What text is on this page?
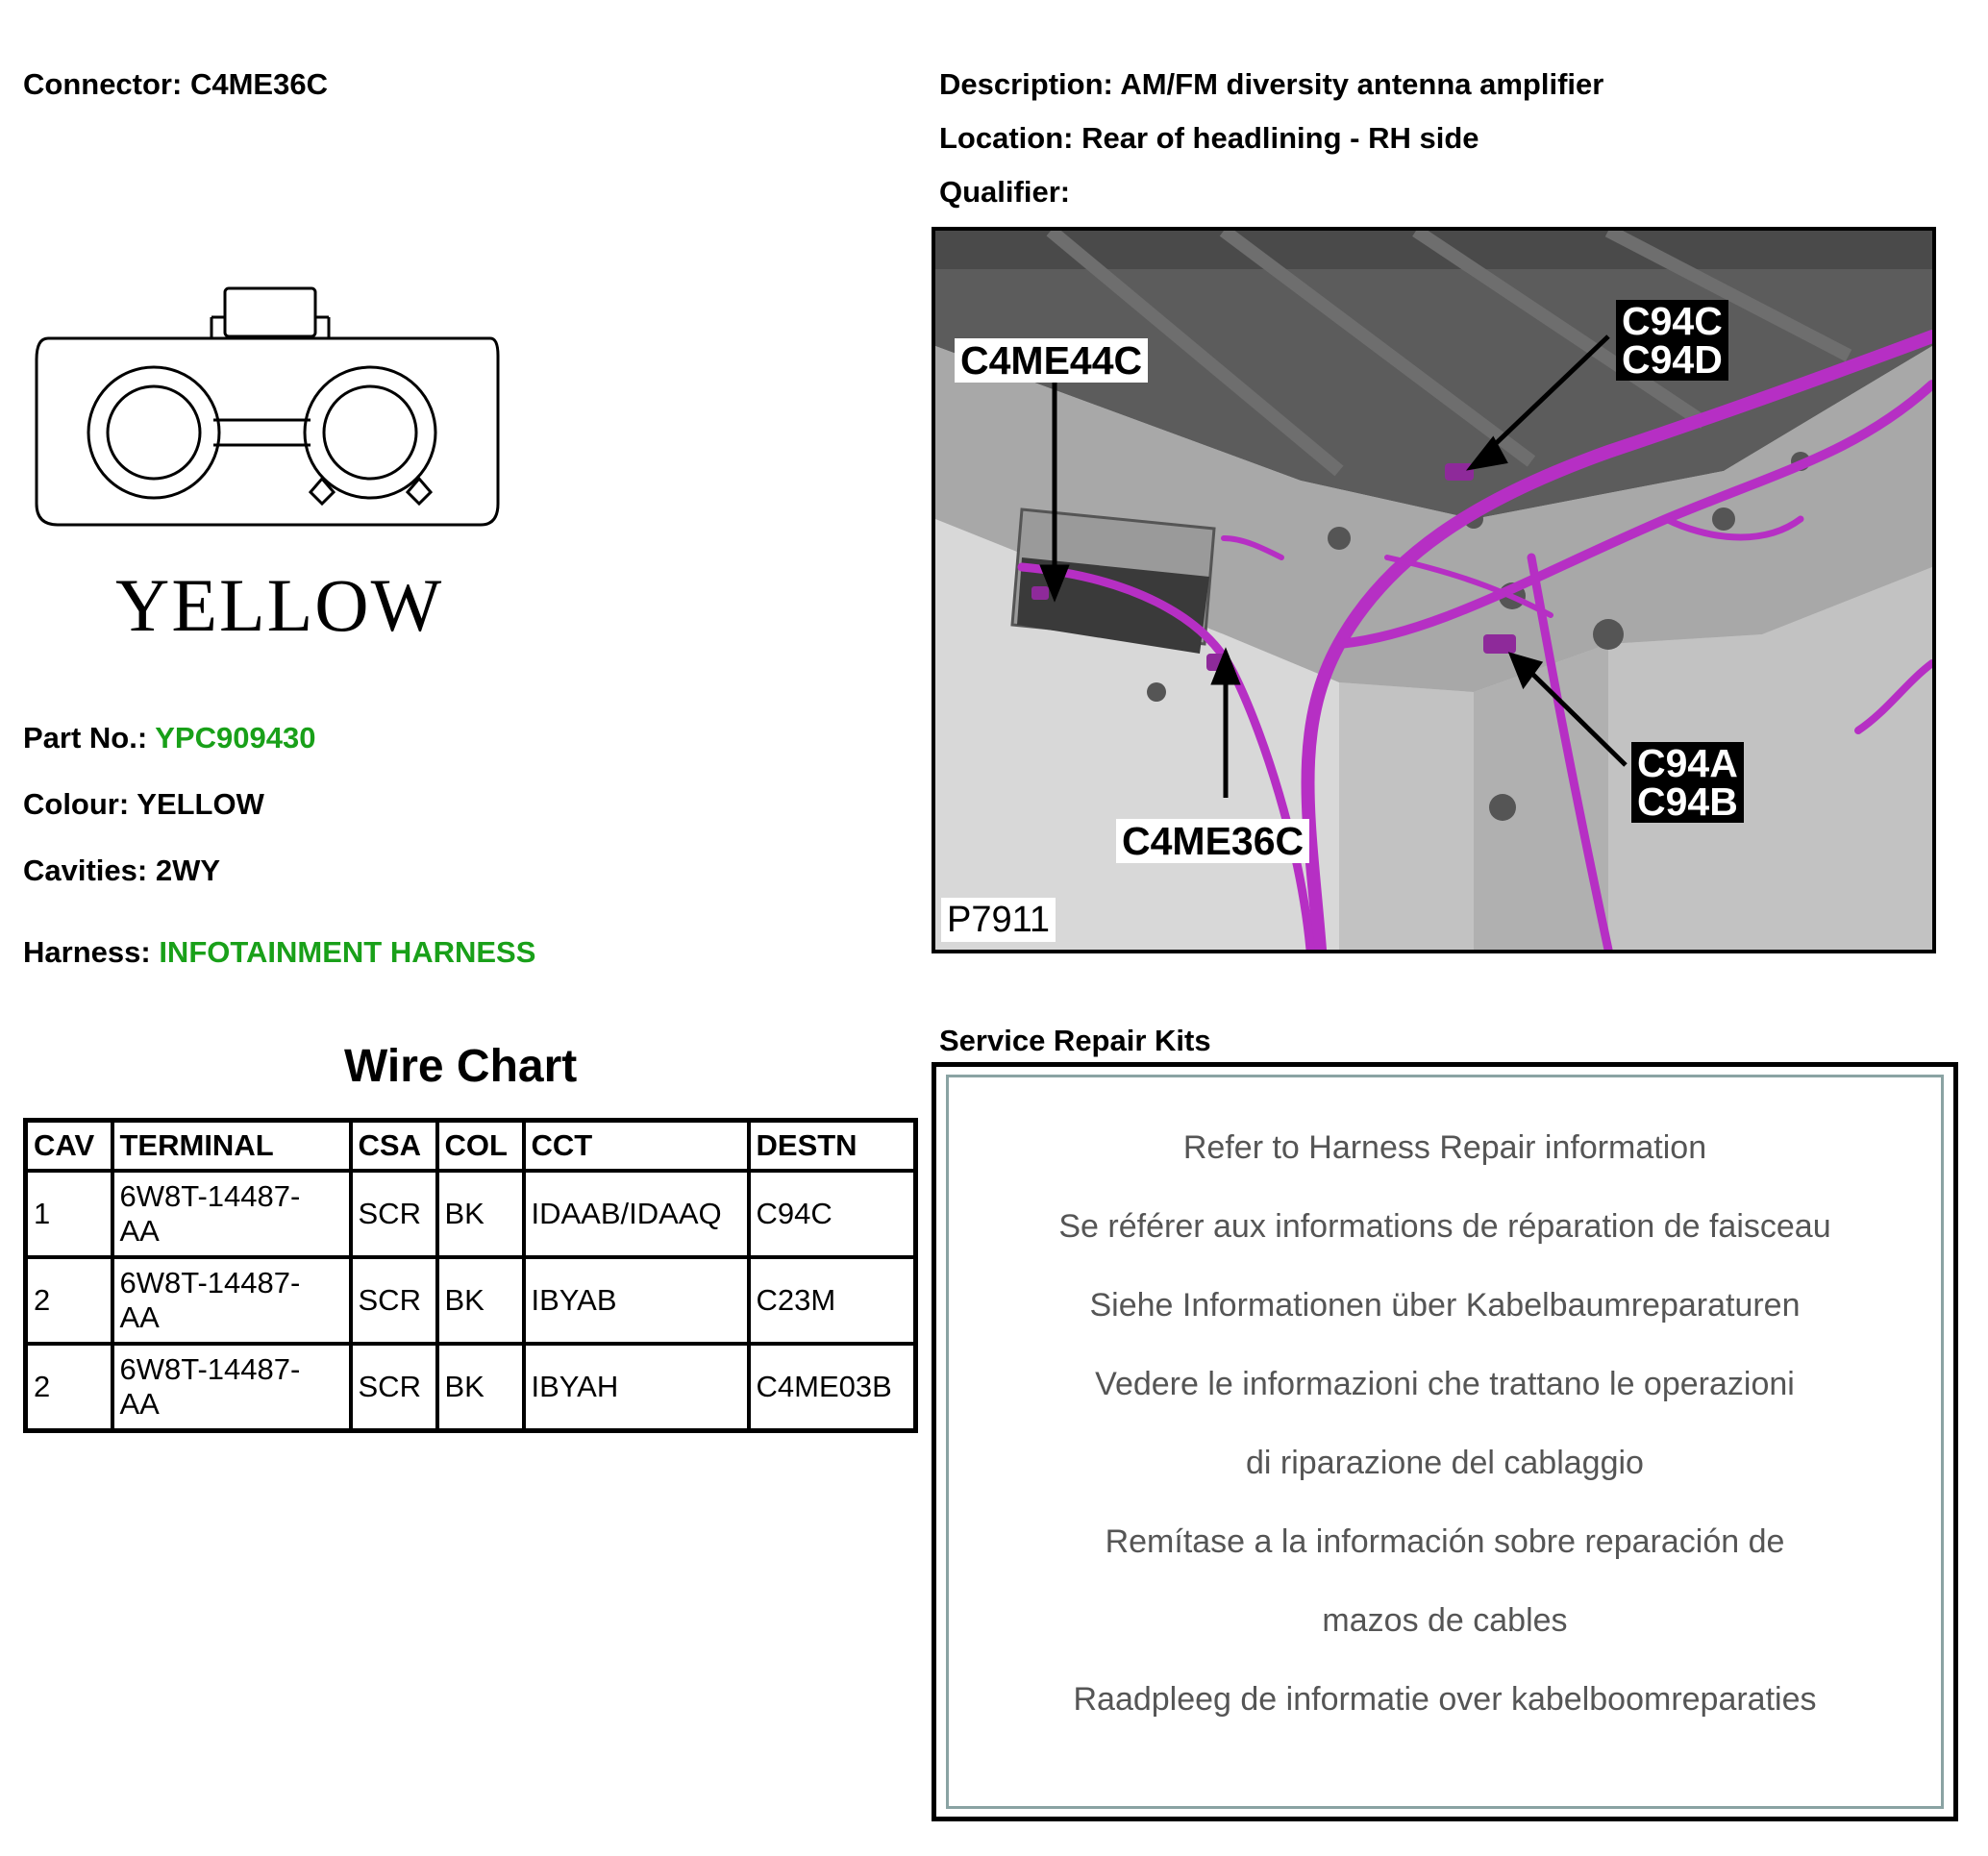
Connector: C4ME36C	Description: AM/FM diversity antenna amplifier
Location: Rear of headlining - RH side
Qualifier:
YELLOW
Part No.: YPC909430
Colour: YELLOW
Cavities: 2WY
Harness: INFOTAINMENT HARNESS
Wire Chart
CAV	TERMINAL	CSA	COL	CCT	DESTN
1	6W8T-14487-
AA	SCR	BK	IDAAB/IDAAQ	C94C
2	6W8T-14487-
AA	SCR	BK	IBYAB	C23M
2	6W8T-14487-
AA	SCR	BK	IBYAH	C4ME03B
C4ME44C
C94C
C94D
C94A
C94B
C4ME36C
P7911
Service Repair Kits
Refer to Harness Repair information
Se référer aux informations de réparation de faisceau
Siehe Informationen über Kabelbaumreparaturen
Vedere le informazioni che trattano le operazioni
di riparazione del cablaggio
Remítase a la información sobre reparación de
mazos de cables
Raadpleeg de informatie over kabelboomreparaties
